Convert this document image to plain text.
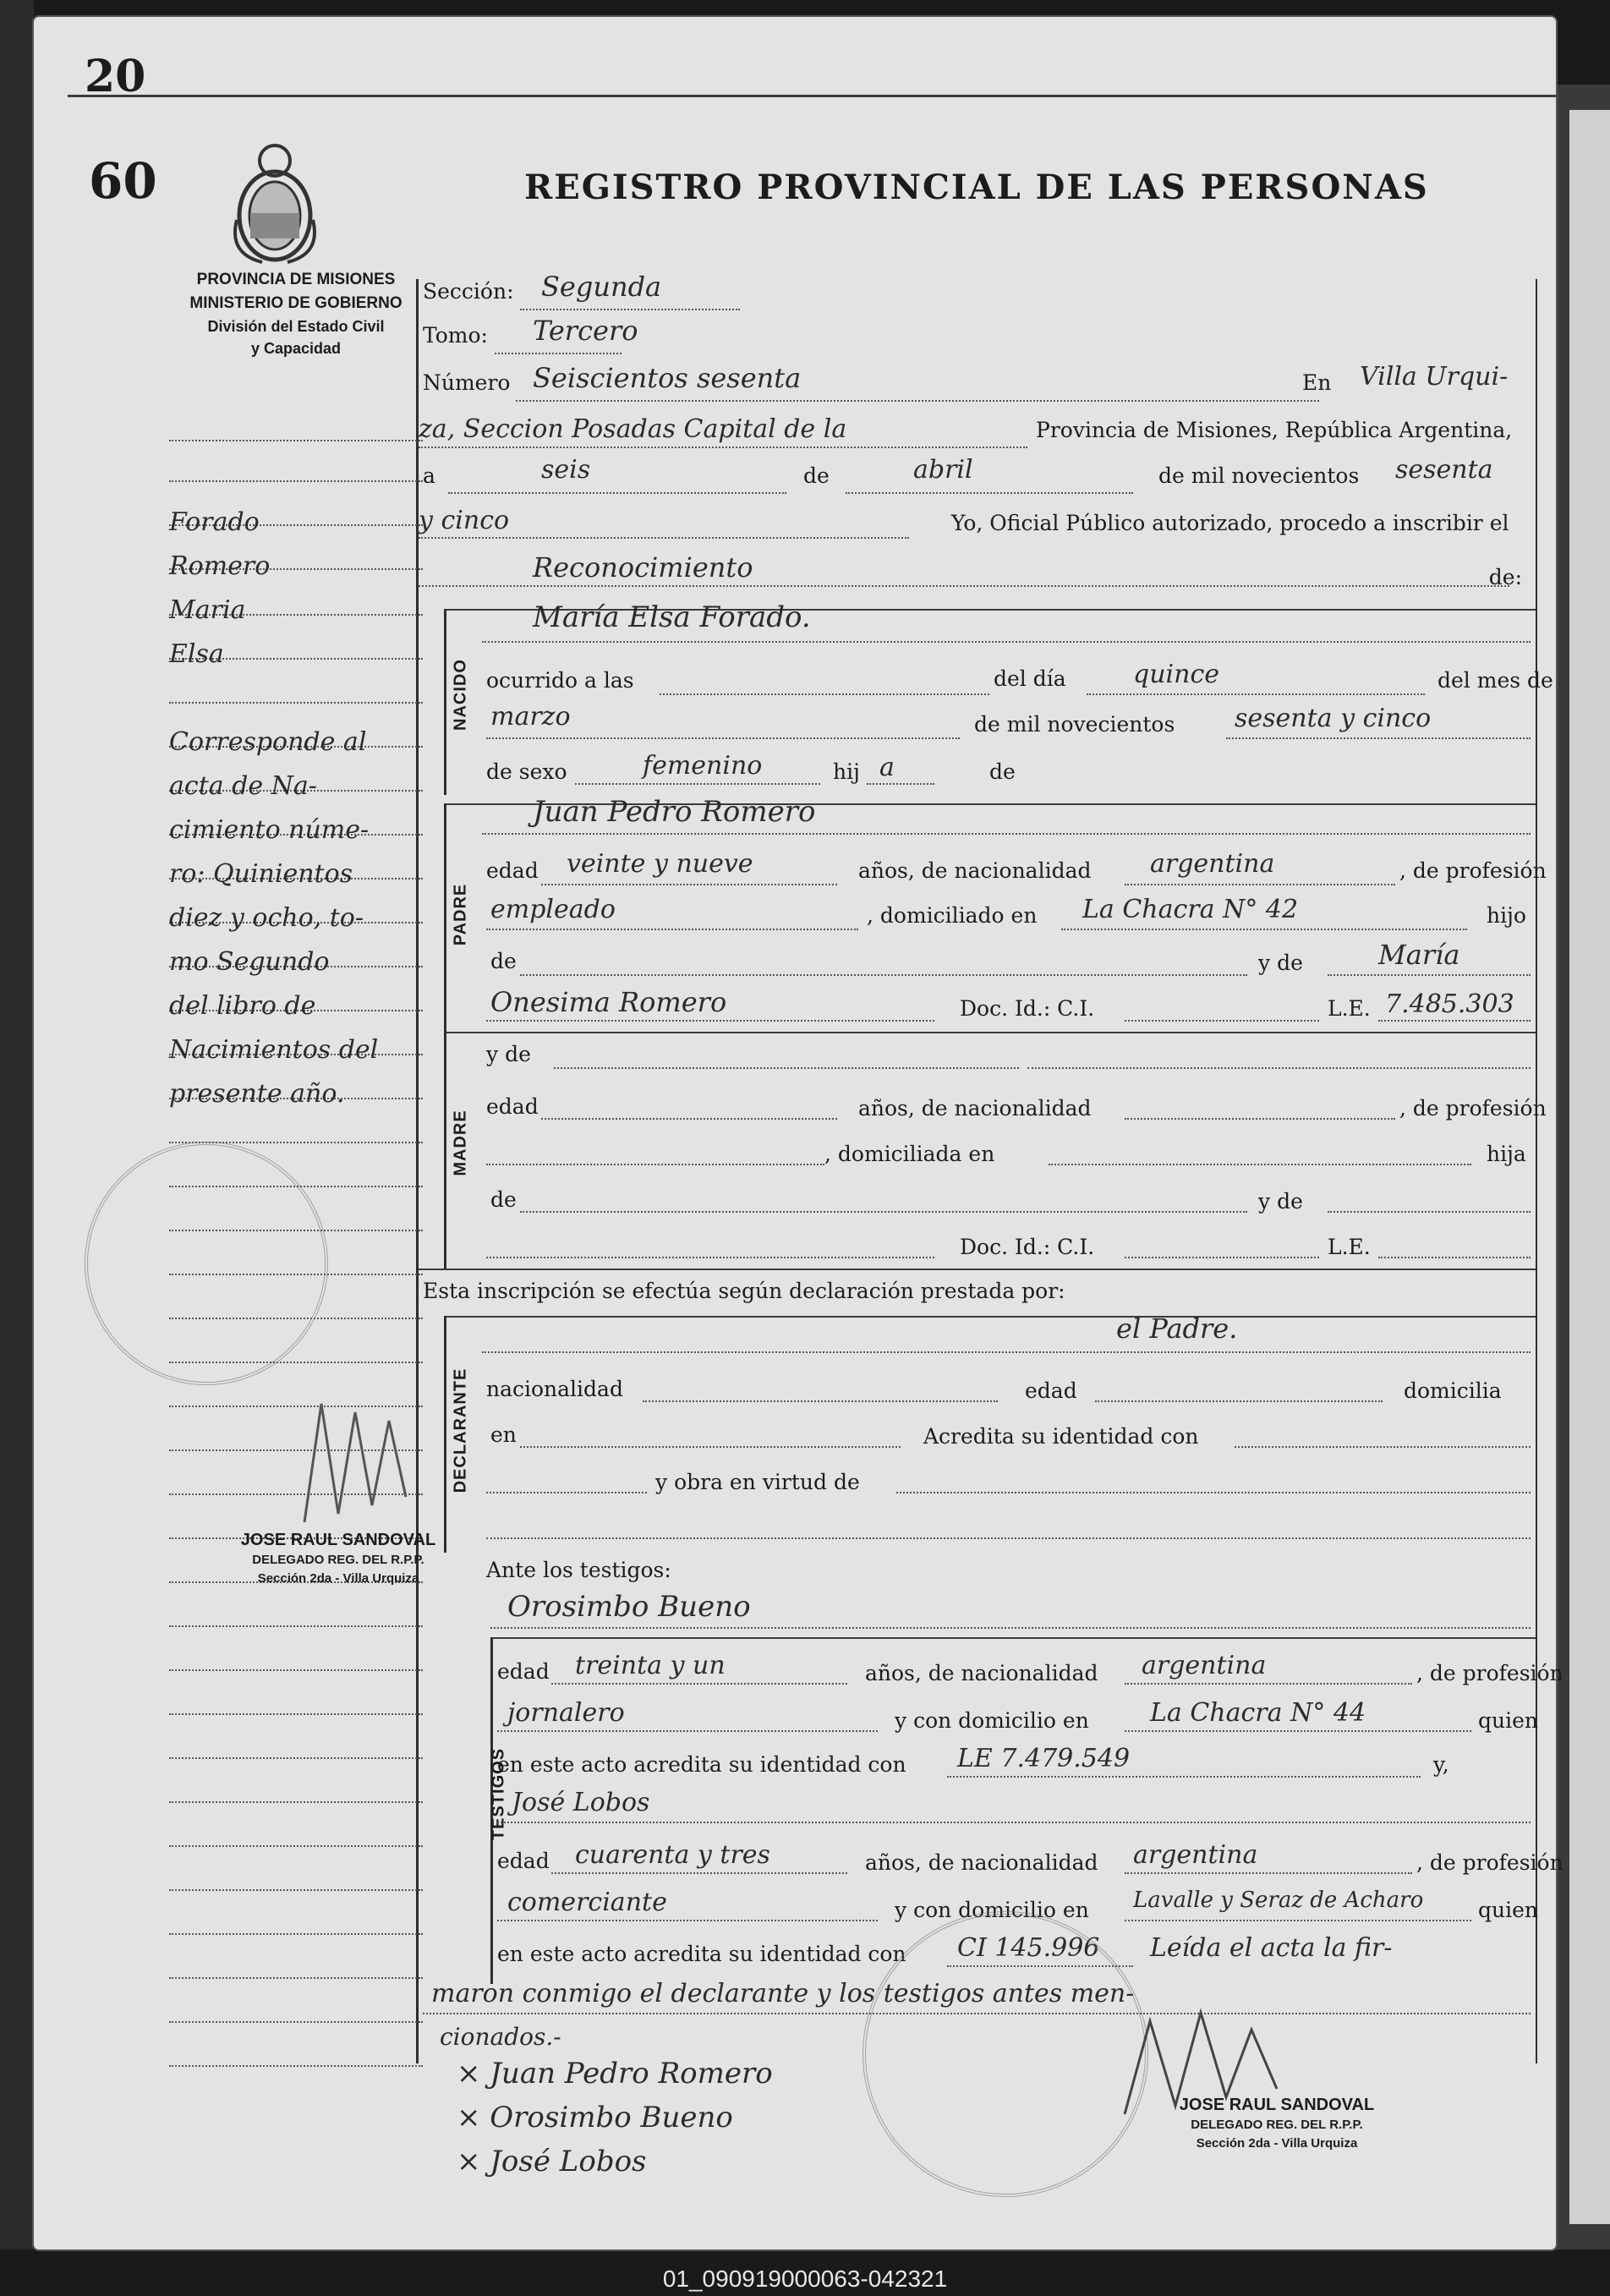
20
60	REGISTRO PROVINCIAL DE LAS PERSONAS
PROVINCIA DE MISIONES
MINISTERIO DE GOBIERNO
División del Estado Civil
y Capacidad
Forado
Romero
Maria
Elsa
Corresponde al
acta de Na-
cimiento núme-
ro: Quinientos
diez y ocho, to-
mo Segundo
del libro de
Nacimientos del
presente año.
Sección: Segunda
Tomo: Tercero
Número Seiscientos sesenta	En Villa Urqui-
za, Seccion Posadas Capital de la	Provincia de Misiones, República Argentina,
a	seis	de	abril	de mil novecientos sesenta
y cinco	Yo, Oficial Público autorizado, procedo a inscribir el
Reconocimiento	de:
NACIDO
María Elsa Forado.
ocurrido a las	del día	quince	del mes de
marzo	de mil novecientos sesenta y cinco
de sexo	femenino	hij a	de
PADRE
Juan Pedro Romero
edad veinte y nueve	años, de nacionalidad argentina	, de profesión
empleado	, domiciliado en La Chacra N° 42	hijo
de	y de	María
Onesima Romero	Doc. Id.: C.I.	L.E. 7.485.303
MADRE
y de
edad	años, de nacionalidad	, de profesión
, domiciliada en	hija
de	y de
Doc. Id.: C.I.	L.E.
Esta inscripción se efectúa según declaración prestada por:
DECLARANTE
el Padre.
nacionalidad	edad	domicilia
en	Acredita su identidad con
y obra en virtud de
Ante los testigos:
TESTIGOS
Orosimbo Bueno
edad treinta y un	años, de nacionalidad argentina	, de profesión
jornalero	y con domicilio en La Chacra N° 44	quien
en este acto acredita su identidad con LE 7.479.549	y,
José Lobos
edad cuarenta y tres	años, de nacionalidad argentina	, de profesión
comerciante	y con domicilio en Lavalle y Seraz de Acharo	quien
en este acto acredita su identidad con CI 145.996 Leída el acta la fir-
maron conmigo el declarante y los testigos antes men-
cionados.-
× Juan Pedro Romero
× Orosimbo Bueno
× José Lobos
JOSE RAUL SANDOVAL
DELEGADO REG. DEL R.P.P.
Sección 2da - Villa Urquiza
JOSE RAUL SANDOVAL
DELEGADO REG. DEL R.P.P.
Sección 2da - Villa Urquiza
01_090919000063-042321
